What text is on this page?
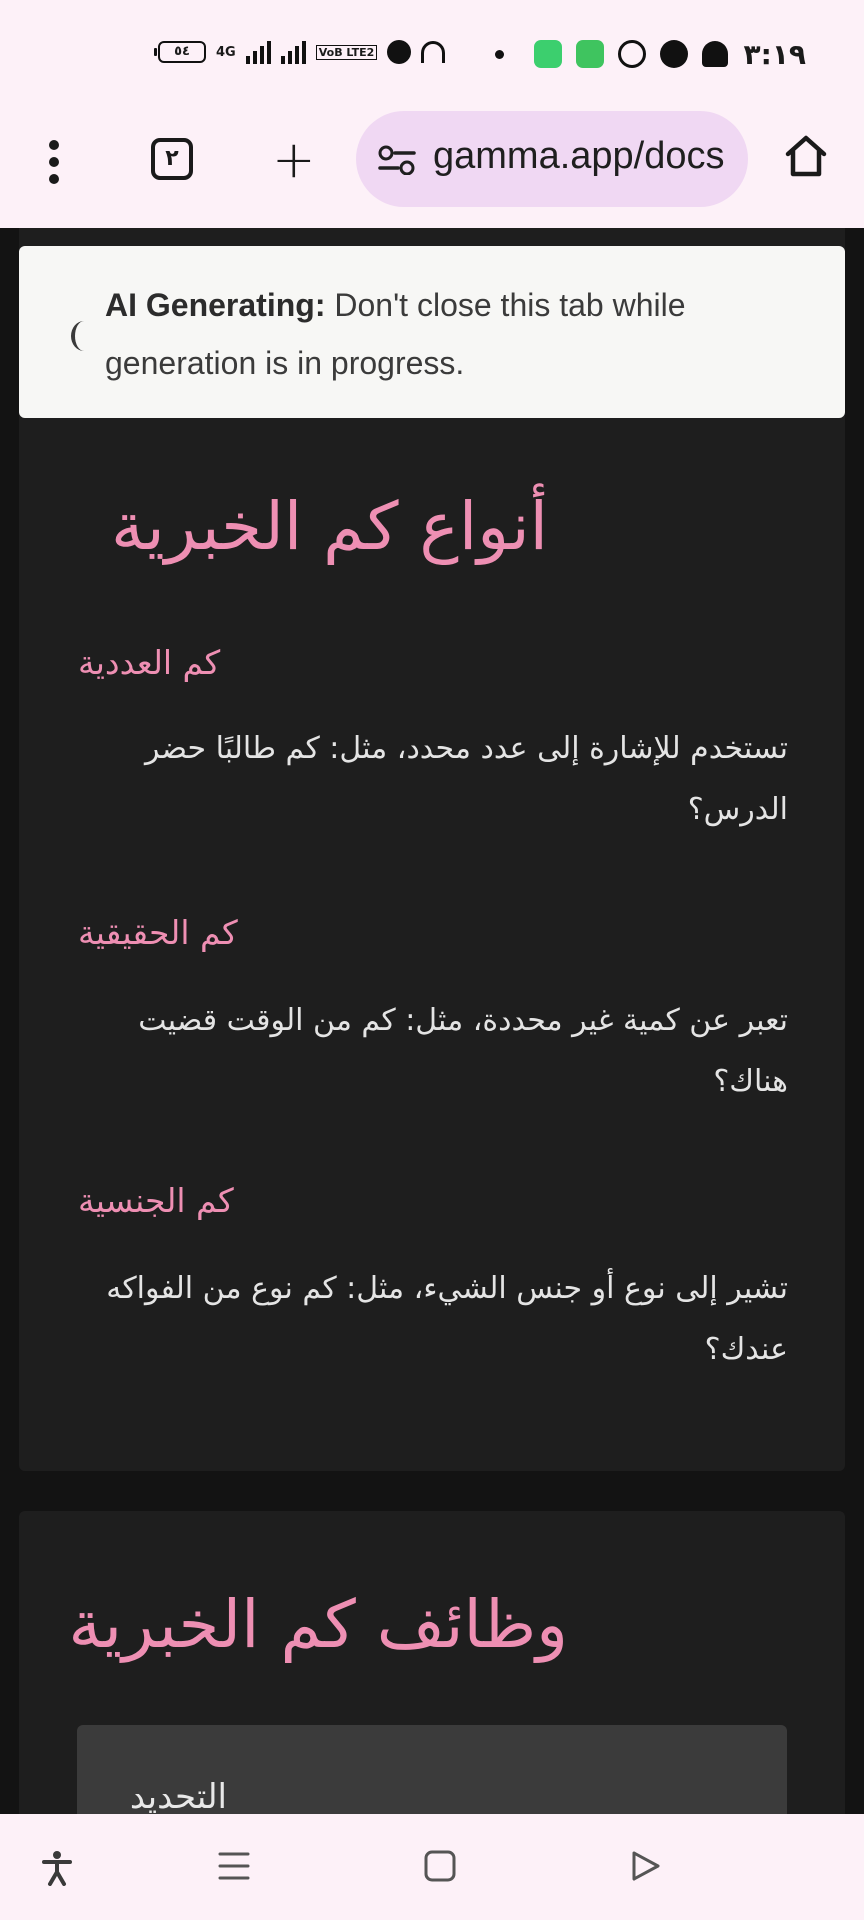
٥٤	4G	VoB LTE2	٣:١٩
٢ +	gamma.app/docs
AI Generating: Don't close this tab while generation is in progress.
أنواع كم الخبرية
كم العددية
تستخدم للإشارة إلى عدد محدد، مثل: كم طالبًا حضر الدرس؟
كم الحقيقية
تعبر عن كمية غير محددة، مثل: كم من الوقت قضيت هناك؟
كم الجنسية
تشير إلى نوع أو جنس الشيء، مثل: كم نوع من الفواكه عندك؟
وظائف كم الخبرية
التحديد
